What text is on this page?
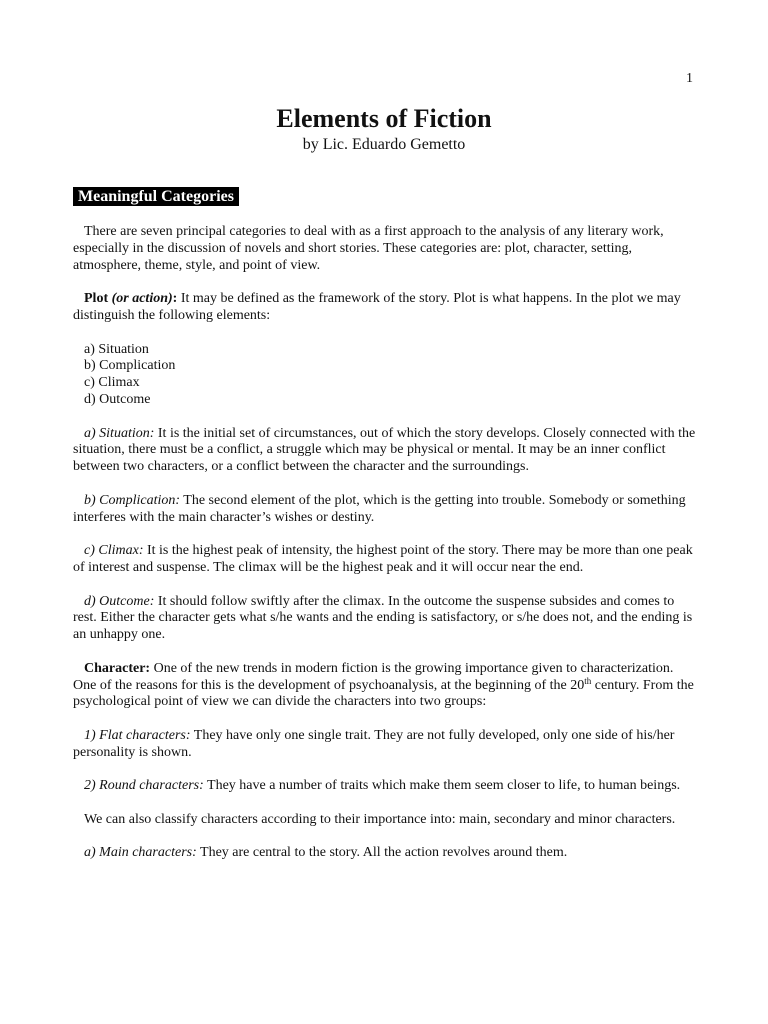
1
Elements of Fiction
by Lic. Eduardo Gemetto
Meaningful Categories

There are seven principal categories to deal with as a first approach to the analysis of any literary work, especially in the discussion of novels and short stories. These categories are: plot, character, setting, atmosphere, theme, style, and point of view.

Plot (or action): It may be defined as the framework of the story. Plot is what happens. In the plot we may distinguish the following elements:

a) Situation
b) Complication
c) Climax
d) Outcome

a) Situation: It is the initial set of circumstances, out of which the story develops. Closely connected with the situation, there must be a conflict, a struggle which may be physical or mental. It may be an inner conflict between two characters, or a conflict between the character and the surroundings.

b) Complication: The second element of the plot, which is the getting into trouble. Somebody or something interferes with the main character’s wishes or destiny.

c) Climax: It is the highest peak of intensity, the highest point of the story. There may be more than one peak of interest and suspense. The climax will be the highest peak and it will occur near the end.

d) Outcome: It should follow swiftly after the climax. In the outcome the suspense subsides and comes to rest. Either the character gets what s/he wants and the ending is satisfactory, or s/he does not, and the ending is an unhappy one.

Character: One of the new trends in modern fiction is the growing importance given to characterization. One of the reasons for this is the development of psychoanalysis, at the beginning of the 20th century. From the psychological point of view we can divide the characters into two groups:

1) Flat characters: They have only one single trait. They are not fully developed, only one side of his/her personality is shown.

2) Round characters: They have a number of traits which make them seem closer to life, to human beings.

We can also classify characters according to their importance into: main, secondary and minor characters.

a) Main characters: They are central to the story. All the action revolves around them.
